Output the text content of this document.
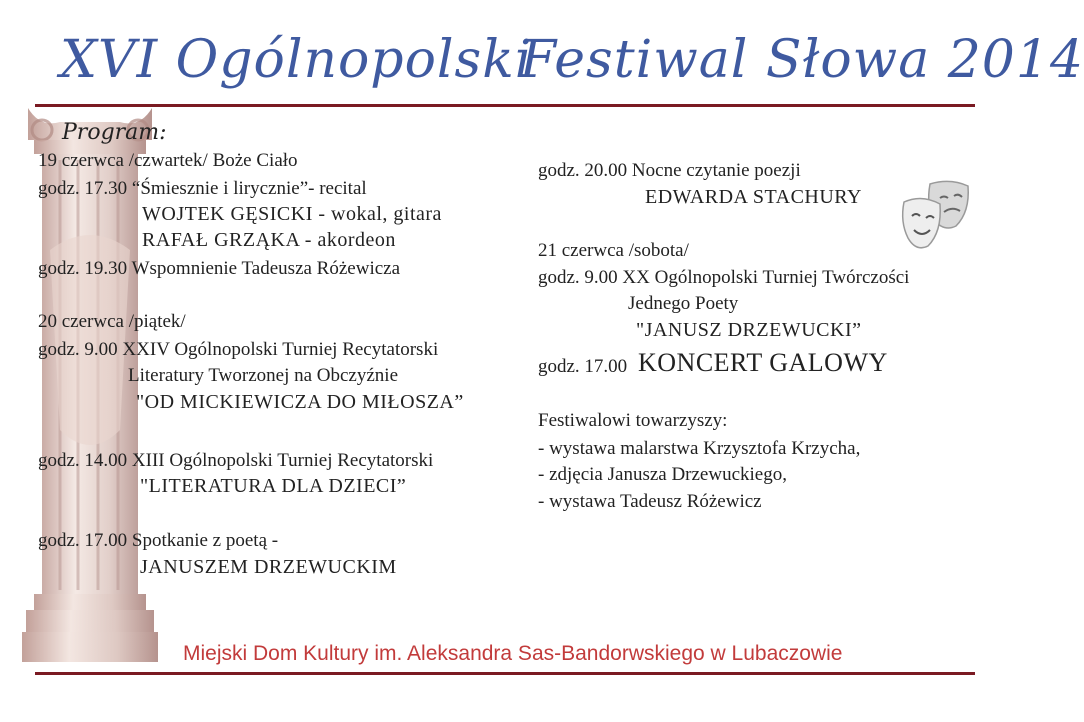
XVI Ogólnopolski
Festiwal Słowa 2014
Program:
19 czerwca /czwartek/ Boże Ciało
godz. 17.30 “Śmiesznie i lirycznie”- recital
WOJTEK GĘSICKI - wokal, gitara
RAFAŁ GRZĄKA - akordeon
godz. 19.30 Wspomnienie Tadeusza Różewicza
20 czerwca /piątek/
godz. 9.00 XXIV Ogólnopolski Turniej Recytatorski
Literatury Tworzonej na Obczyźnie
"OD MICKIEWICZA DO MIŁOSZA”
godz. 14.00 XIII Ogólnopolski Turniej Recytatorski
"LITERATURA DLA DZIECI”
godz. 17.00 Spotkanie z poetą -
JANUSZEM DRZEWUCKIM
godz. 20.00 Nocne czytanie poezji
EDWARDA STACHURY
21 czerwca /sobota/
godz. 9.00 XX Ogólnopolski Turniej Twórczości
Jednego Poety
"JANUSZ DRZEWUCKI”
godz. 17.00 KONCERT GALOWY
Festiwalowi towarzyszy:
- wystawa malarstwa Krzysztofa Krzycha,
- zdjęcia Janusza Drzewuckiego,
- wystawa Tadeusz Różewicz
Miejski Dom Kultury im. Aleksandra Sas-Bandorwskiego w Lubaczowie
